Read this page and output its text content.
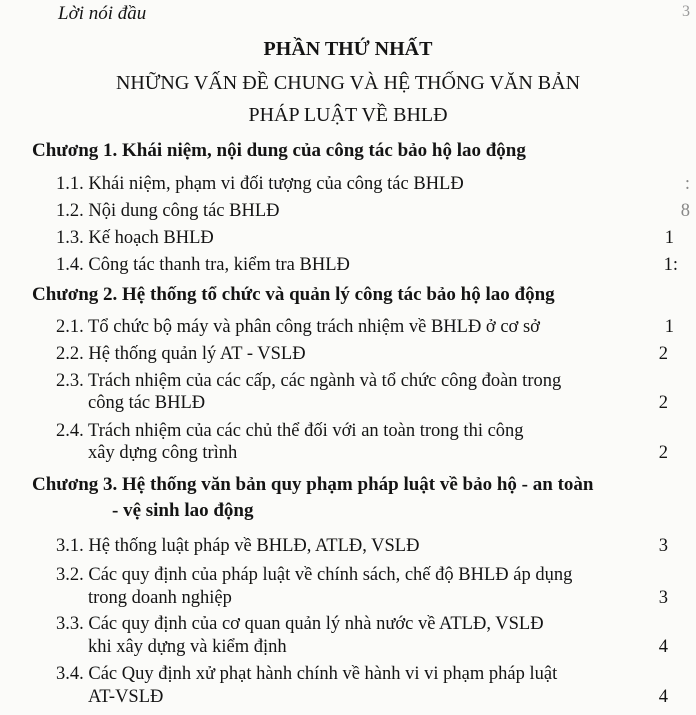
Lời nói đầu	3
PHẦN THỨ NHẤT
NHỮNG VẤN ĐỀ CHUNG VÀ HỆ THỐNG VĂN BẢN
PHÁP LUẬT VỀ BHLĐ
Chương 1. Khái niệm, nội dung của công tác bảo hộ lao động
1.1. Khái niệm, phạm vi đối tượng của công tác BHLĐ	:
1.2. Nội dung công tác BHLĐ	8
1.3. Kế hoạch BHLĐ	1
1.4. Công tác thanh tra, kiểm tra BHLĐ	1:
Chương 2. Hệ thống tổ chức và quản lý công tác bảo hộ lao động
2.1. Tổ chức bộ máy và phân công trách nhiệm về BHLĐ ở cơ sở	1
2.2. Hệ thống quản lý AT - VSLĐ	2
2.3. Trách nhiệm của các cấp, các ngành và tổ chức công đoàn trong
công tác BHLĐ	2
2.4. Trách nhiệm của các chủ thể đối với an toàn trong thi công
xây dựng công trình	2
Chương 3. Hệ thống văn bản quy phạm pháp luật về bảo hộ - an toàn
- vệ sinh lao động
3.1. Hệ thống luật pháp về BHLĐ, ATLĐ, VSLĐ	3
3.2. Các quy định của pháp luật về chính sách, chế độ BHLĐ áp dụng
trong doanh nghiệp	3
3.3. Các quy định của cơ quan quản lý nhà nước về ATLĐ, VSLĐ
khi xây dựng và kiểm định	4
3.4. Các Quy định xử phạt hành chính về hành vi vi phạm pháp luật
AT-VSLĐ	4
